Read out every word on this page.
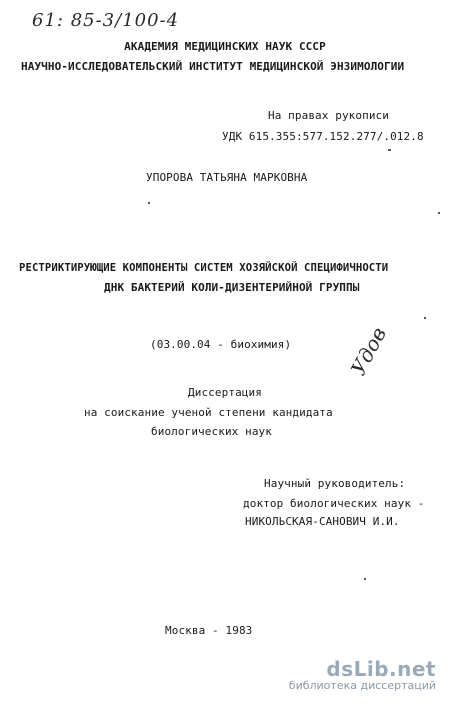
61: 85-3/100-4
АКАДЕМИЯ МЕДИЦИНСКИХ НАУК СССР
НАУЧНО-ИССЛЕДОВАТЕЛЬСКИЙ ИНСТИТУТ МЕДИЦИНСКОЙ ЭНЗИМОЛОГИИ
На правах рукописи
УДК 615.355:577.152.277/.012.8
УПОРОВА ТАТЬЯНА МАРКОВНА
РЕСТРИКТИРУЮЩИЕ КОМПОНЕНТЫ СИСТЕМ ХОЗЯЙСКОЙ СПЕЦИФИЧНОСТИ
ДНК БАКТЕРИЙ КОЛИ-ДИЗЕНТЕРИЙНОЙ ГРУППЫ
(03.00.04 - биохимия)
Диссертация
на соискание ученой степени кандидата
биологических наук
Удов
Научный руководитель:
доктор биологических наук -
НИКОЛЬСКАЯ-САНОВИЧ И.И.
Москва - 1983
dsLib.net
библиотека диссертаций
